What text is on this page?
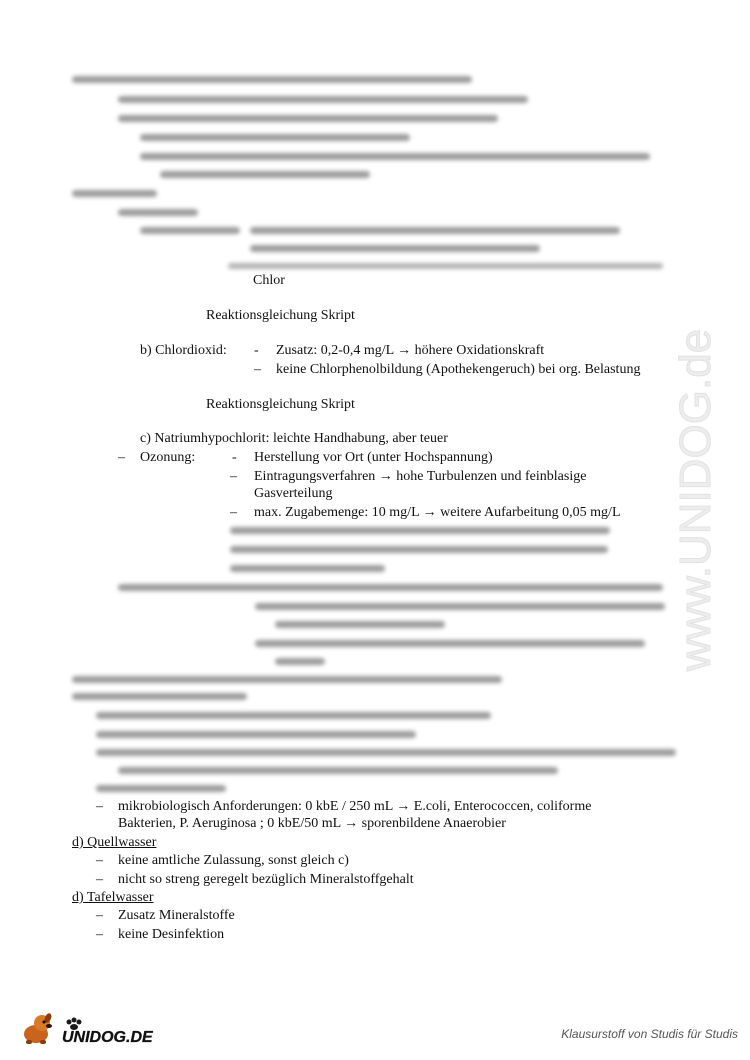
Chlor
Reaktionsgleichung Skript
b) Chlordioxid: - Zusatz: 0,2-0,4 mg/L → höhere Oxidationskraft
– keine Chlorphenolbildung (Apothekengeruch) bei org. Belastung
Reaktionsgleichung Skript
c) Natriumhypochlorit: leichte Handhabung, aber teuer
– Ozonung:	- Herstellung vor Ort (unter Hochspannung)
– Eintragungsverfahren → hohe Turbulenzen und feinblasige
Gasverteilung
– max. Zugabemenge: 10 mg/L → weitere Aufarbeitung 0,05 mg/L
– mikrobiologisch Anforderungen: 0 kbE / 250 mL → E.coli, Enterococcen, coliforme
Bakterien, P. Aeruginosa ; 0 kbE/50 mL → sporenbildene Anaerobier
d) Quellwasser
– keine amtliche Zulassung, sonst gleich c)
– nicht so streng geregelt bezüglich Mineralstoffgehalt
d) Tafelwasser
– Zusatz Mineralstoffe
– keine Desinfektion
www.UNIDOG.de
UNIDOG.DE	Klausurstoff von Studis für Studis
